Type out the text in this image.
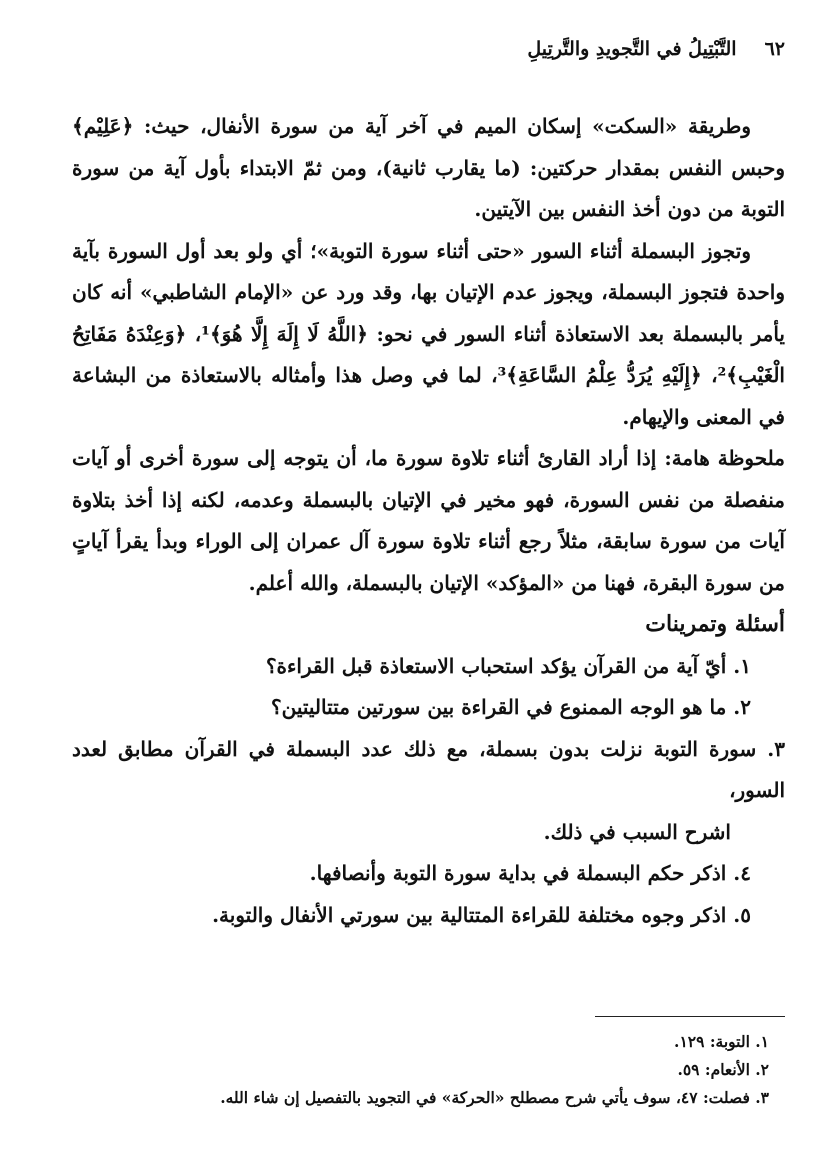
٦٢التَّبْتِيلُ في التَّجويدِ والتَّرتِيلِ

وطريقة «السكت» إسكان الميم في آخر آية من سورة الأنفال، حيث: ﴿عَلِيْم﴾ وحبس النفس بمقدار حركتين: (ما يقارب ثانية)، ومن ثمّ الابتداء بأول آية من سورة التوبة من دون أخذ النفس بين الآيتين.

وتجوز البسملة أثناء السور «حتى أثناء سورة التوبة»؛ أي ولو بعد أول السورة بآية واحدة فتجوز البسملة، ويجوز عدم الإتيان بها، وقد ورد عن «الإمام الشاطبي» أنه كان يأمر بالبسملة بعد الاستعاذة أثناء السور في نحو: ﴿اللَّهُ لَا إِلَهَ إِلَّا هُوَ﴾¹، ﴿وَعِنْدَهُ مَفَاتِحُ الْغَيْبِ﴾²، ﴿إِلَيْهِ يُرَدُّ عِلْمُ السَّاعَةِ﴾³، لما في وصل هذا وأمثاله بالاستعاذة من البشاعة في المعنى والإيهام.

ملحوظة هامة: إذا أراد القارئ أثناء تلاوة سورة ما، أن يتوجه إلى سورة أخرى أو آيات منفصلة من نفس السورة، فهو مخير في الإتيان بالبسملة وعدمه، لكنه إذا أخذ بتلاوة آيات من سورة سابقة، مثلاً رجع أثناء تلاوة سورة آل عمران إلى الوراء وبدأ يقرأ آياتٍ من سورة البقرة، فهنا من «المؤكد» الإتيان بالبسملة، والله أعلم.

أسئلة وتمرينات
١. أيّ آية من القرآن يؤكد استحباب الاستعاذة قبل القراءة؟
٢. ما هو الوجه الممنوع في القراءة بين سورتين متتاليتين؟
٣. سورة التوبة نزلت بدون بسملة، مع ذلك عدد البسملة في القرآن مطابق لعدد السور،
اشرح السبب في ذلك.
٤. اذكر حكم البسملة في بداية سورة التوبة وأنصافها.
٥. اذكر وجوه مختلفة للقراءة المتتالية بين سورتي الأنفال والتوبة.

١. التوبة: ١٢٩.

٢. الأنعام: ٥٩.

٣. فصلت: ٤٧، سوف يأتي شرح مصطلح «الحركة» في التجويد بالتفصيل إن شاء الله.
